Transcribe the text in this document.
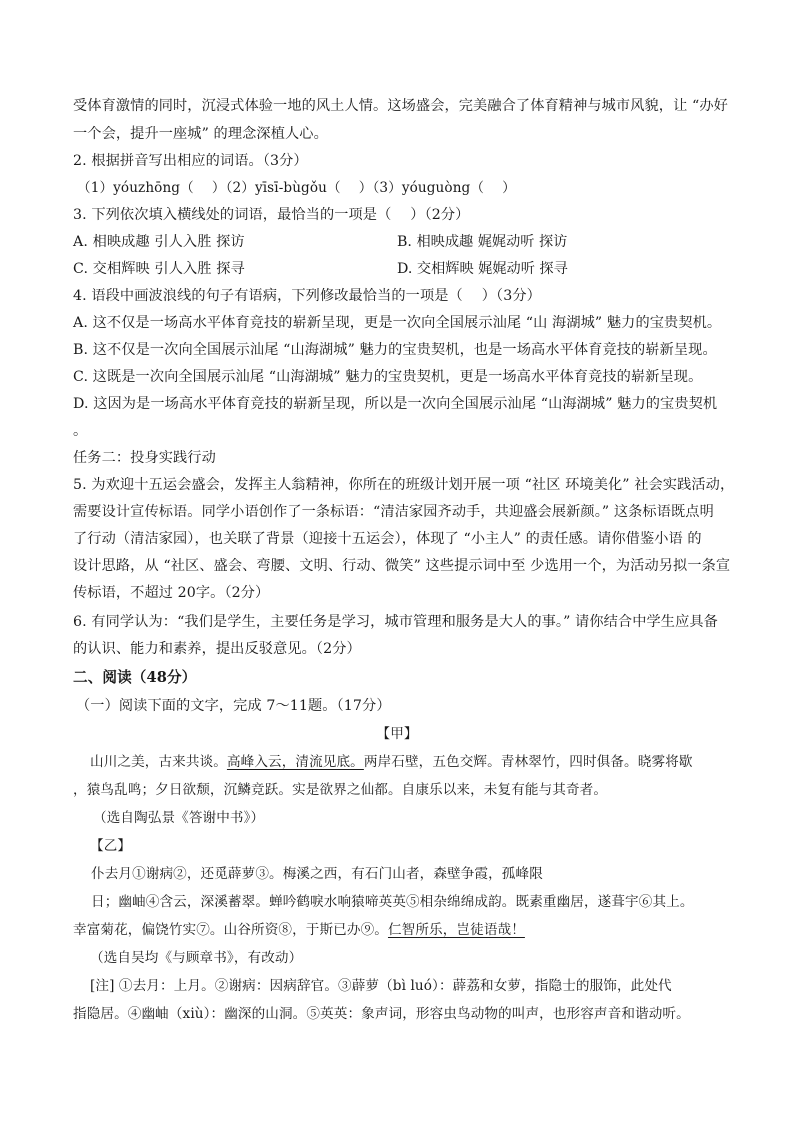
受体育激情的同时，沉浸式体验一地的风土人情。这场盛会，完美融合了体育精神与城市风貌，让 “办好
一个会，提升一座城” 的理念深植人心。
2. 根据拼音写出相应的词语。（3分）
（1）yóuzhōng（　 ）（2）yīsī-bùgǒu（　 ）（3）yóuguòng（　 ）
3. 下列依次填入横线处的词语，最恰当的一项是（　 ）（2分）
A. 相映成趣 引人入胜 探访	B. 相映成趣 娓娓动听 探访
C. 交相辉映 引人入胜 探寻	D. 交相辉映 娓娓动听 探寻
4. 语段中画波浪线的句子有语病，下列修改最恰当的一项是（　 ）（3分）
A. 这不仅是一场高水平体育竞技的崭新呈现，更是一次向全国展示汕尾 “山 海湖城” 魅力的宝贵契机。
B. 这不仅是一次向全国展示汕尾 “山海湖城” 魅力的宝贵契机，也是一场高水平体育竞技的崭新呈现。
C. 这既是一次向全国展示汕尾 “山海湖城” 魅力的宝贵契机，更是一场高水平体育竞技的崭新呈现。
D. 这因为是一场高水平体育竞技的崭新呈现，所以是一次向全国展示汕尾 “山海湖城” 魅力的宝贵契机
。
任务二：投身实践行动
5. 为欢迎十五运会盛会，发挥主人翁精神，你所在的班级计划开展一项 “社区 环境美化” 社会实践活动，
需要设计宣传标语。同学小语创作了一条标语：“清洁家园齐动手，共迎盛会展新颜。” 这条标语既点明
了行动（清洁家园），也关联了背景（迎接十五运会），体现了 “小主人” 的责任感。请你借鉴小语 的
设计思路，从 “社区、盛会、弯腰、文明、行动、微笑” 这些提示词中至 少选用一个，为活动另拟一条宣
传标语，不超过 20字。（2分）
6. 有同学认为：“我们是学生，主要任务是学习，城市管理和服务是大人的事。” 请你结合中学生应具备
的认识、能力和素养，提出反驳意见。（2分）
二、阅读（48分）
（一）阅读下面的文字，完成 7～11题。（17分）
【甲】
山川之美，古来共谈。高峰入云，清流见底。两岸石壁，五色交辉。青林翠竹，四时俱备。晓雾将歇
，猿鸟乱鸣；夕日欲颓，沉鳞竞跃。实是欲界之仙都。自康乐以来，未复有能与其奇者。
（选自陶弘景《答谢中书》）
【乙】
仆去月①谢病②，还觅薜萝③。梅溪之西，有石门山者，森壁争霞，孤峰限
日；幽岫④含云，深溪蓄翠。蝉吟鹤唳水响猿啼英英⑤相杂绵绵成韵。既素重幽居，遂葺宇⑥其上。
幸富菊花，偏饶竹实⑦。山谷所资⑧，于斯已办⑨。仁智所乐，岂徒语哉！
（选自吴均《与顾章书》，有改动）
[注] ①去月：上月。②谢病：因病辞官。③薜萝（bì luó）：薜荔和女萝，指隐士的服饰，此处代
指隐居。④幽岫（xiù）：幽深的山洞。⑤英英：象声词，形容虫鸟动物的叫声，也形容声音和谐动听。
